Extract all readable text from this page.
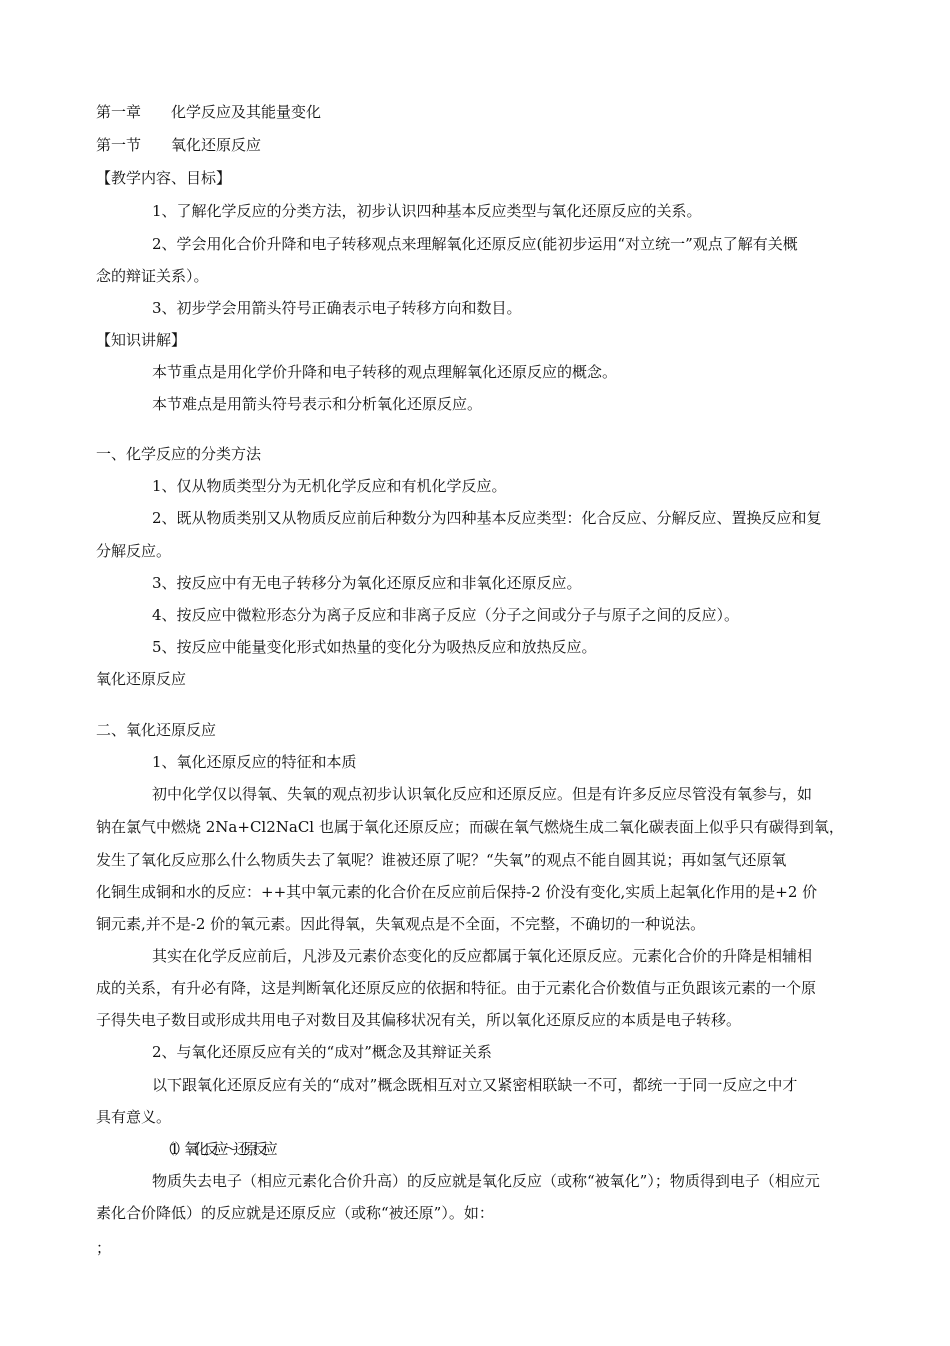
第一章　　化学反应及其能量变化
第一节　　氧化还原反应
【教学内容、目标】
1、了解化学反应的分类方法，初步认识四种基本反应类型与氧化还原反应的关系。
2、学会用化合价升降和电子转移观点来理解氧化还原反应(能初步运用“对立统一”观点了解有关概
念的辩证关系）。
3、初步学会用箭头符号正确表示电子转移方向和数目。
【知识讲解】
本节重点是用化学价升降和电子转移的观点理解氧化还原反应的概念。
本节难点是用箭头符号表示和分析氧化还原反应。
一、化学反应的分类方法
1、仅从物质类型分为无机化学反应和有机化学反应。
2、既从物质类别又从物质反应前后种数分为四种基本反应类型：化合反应、分解反应、置换反应和复
分解反应。
3、按反应中有无电子转移分为氧化还原反应和非氧化还原反应。
4、按反应中微粒形态分为离子反应和非离子反应（分子之间或分子与原子之间的反应）。
5、按反应中能量变化形式如热量的变化分为吸热反应和放热反应。
氧化还原反应
二、氧化还原反应
1、氧化还原反应的特征和本质
初中化学仅以得氧、失氧的观点初步认识氧化反应和还原反应。但是有许多反应尽管没有氧参与，如
钠在氯气中燃烧 2Na+Cl2NaCl 也属于氧化还原反应；而碳在氧气燃烧生成二氧化碳表面上似乎只有碳得到氧，
发生了氧化反应那么什么物质失去了氧呢？谁被还原了呢？“失氧”的观点不能自圆其说；再如氢气还原氧
化铜生成铜和水的反应：++其中氧元素的化合价在反应前后保持-2 价没有变化,实质上起氧化作用的是+2 价
铜元素,并不是-2 价的氧元素。因此得氧，失氧观点是不全面，不完整，不确切的一种说法。
其实在化学反应前后，凡涉及元素价态变化的反应都属于氧化还原反应。元素化合价的升降是相辅相
成的关系，有升必有降，这是判断氧化还原反应的依据和特征。由于元素化合价数值与正负跟该元素的一个原
子得失电子数目或形成共用电子对数目及其偏移状况有关，所以氧化还原反应的本质是电子转移。
2、与氧化还原反应有关的“成对”概念及其辩证关系
以下跟氧化还原反应有关的“成对”概念既相互对立又紧密相联缺一不可，都统一于同一反应之中才
具有意义。
（1）氧化反应～还原反应
物质失去电子（相应元素化合价升高）的反应就是氧化反应（或称“被氧化”）；物质得到电子（相应元
素化合价降低）的反应就是还原反应（或称“被还原”）。如：
；
